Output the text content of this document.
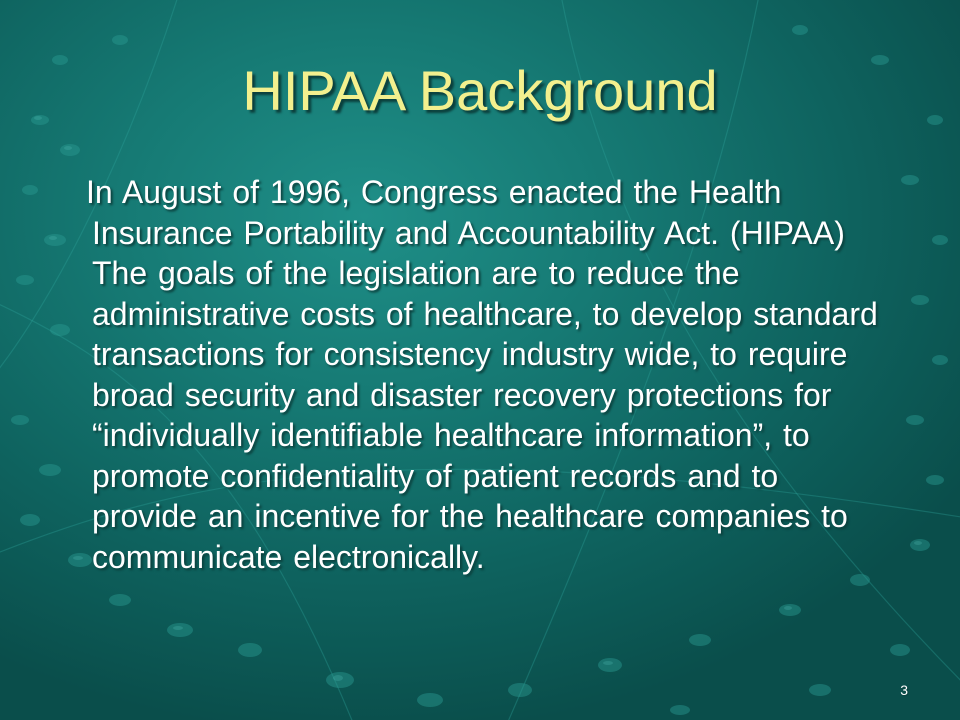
HIPAA Background

In August of 1996, Congress enacted the Health Insurance Portability and Accountability Act. (HIPAA) The goals of the legislation are to reduce the administrative costs of healthcare, to develop standard transactions for consistency industry wide, to require broad security and disaster recovery protections for “individually identifiable healthcare information”, to promote confidentiality of patient records and to provide an incentive for the healthcare companies to communicate electronically.

3
